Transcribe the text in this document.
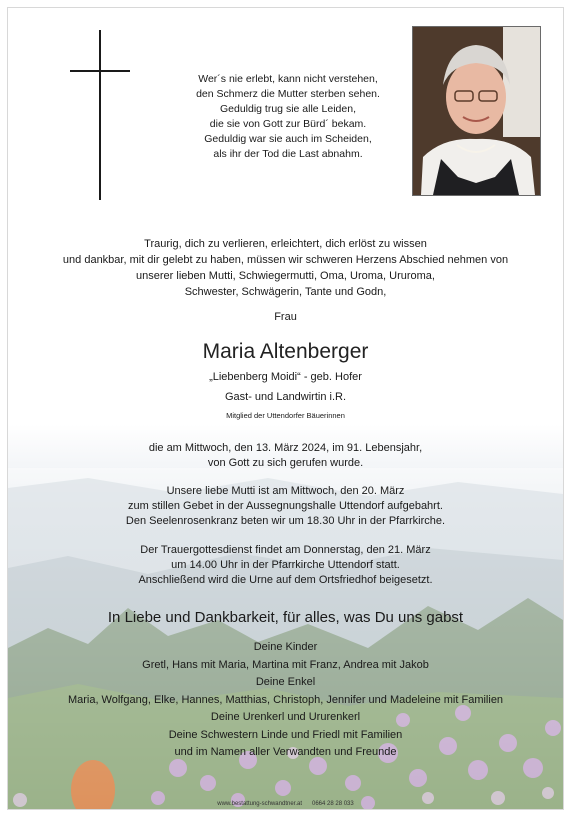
Wer´s nie erlebt, kann nicht verstehen,
den Schmerz die Mutter sterben sehen.
Geduldig trug sie alle Leiden,
die sie von Gott zur Bürd´ bekam.
Geduldig war sie auch im Scheiden,
als ihr der Tod die Last abnahm.
Traurig, dich zu verlieren, erleichtert, dich erlöst zu wissen
und dankbar, mit dir gelebt zu haben, müssen wir schweren Herzens Abschied nehmen von
unserer lieben Mutti, Schwiegermutti, Oma, Uroma, Ururoma,
Schwester, Schwägerin, Tante und Godn,
Frau
Maria Altenberger
„Liebenberg Moidi“ - geb. Hofer
Gast- und Landwirtin i.R.
Mitglied der Uttendorfer Bäuerinnen
die am Mittwoch, den 13. März 2024, im 91. Lebensjahr,
von Gott zu sich gerufen wurde.
Unsere liebe Mutti ist am Mittwoch, den 20. März
zum stillen Gebet in der Aussegnungshalle Uttendorf aufgebahrt.
Den Seelenrosenkranz beten wir um 18.30 Uhr in der Pfarrkirche.
Der Trauergottesdienst findet am Donnerstag, den 21. März
um 14.00 Uhr in der Pfarrkirche Uttendorf statt.
Anschließend wird die Urne auf dem Ortsfriedhof beigesetzt.
In Liebe und Dankbarkeit, für alles, was Du uns gabst
Deine Kinder
Gretl, Hans mit Maria, Martina mit Franz, Andrea mit Jakob
Deine Enkel
Maria, Wolfgang, Elke, Hannes, Matthias, Christoph, Jennifer und Madeleine mit Familien
Deine Urenkerl und Ururenkerl
Deine Schwestern Linde und Friedl mit Familien
und im Namen aller Verwandten und Freunde
www.bestattung-schwandtner.at      0664 28 28 033
